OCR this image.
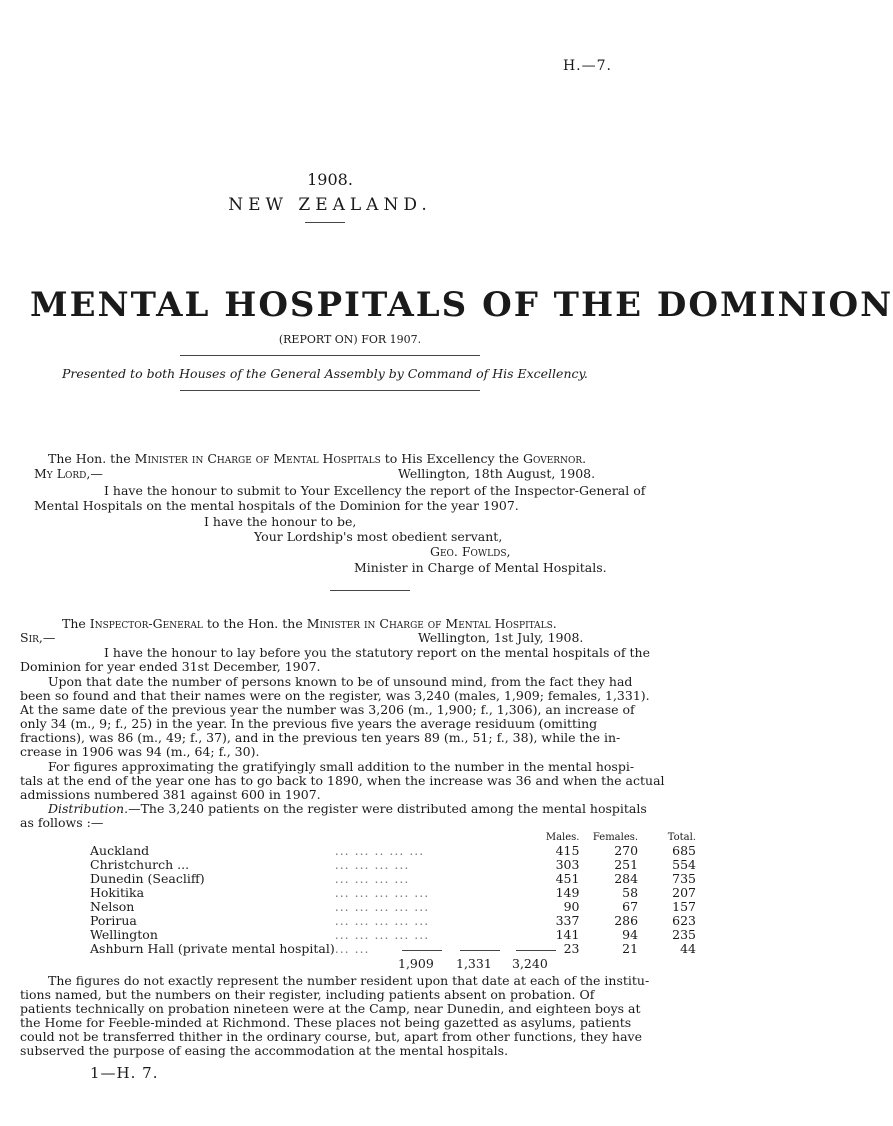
H.—7.
1908.
NEW ZEALAND.
MENTAL HOSPITALS OF THE DOMINION
(REPORT ON) FOR 1907.
Presented to both Houses of the General Assembly by Command of His Excellency.
The Hon. the Minister in Charge of Mental Hospitals to His Excellency the Governor.
My Lord,—	Wellington, 18th August, 1908.
I have the honour to submit to Your Excellency the report of the Inspector-General of
Mental Hospitals on the mental hospitals of the Dominion for the year 1907.
I have the honour to be,
Your Lordship's most obedient servant,
Geo. Fowlds,
Minister in Charge of Mental Hospitals.
The Inspector-General to the Hon. the Minister in Charge of Mental Hospitals.
Sir,—	Wellington, 1st July, 1908.
I have the honour to lay before you the statutory report on the mental hospitals of the
Dominion for year ended 31st December, 1907.
Upon that date the number of persons known to be of unsound mind, from the fact they had
been so found and that their names were on the register, was 3,240 (males, 1,909; females, 1,331).
At the same date of the previous year the number was 3,206 (m., 1,900; f., 1,306), an increase of
only 34 (m., 9; f., 25) in the year. In the previous five years the average residuum (omitting
fractions), was 86 (m., 49; f., 37), and in the previous ten years 89 (m., 51; f., 38), while the in-
crease in 1906 was 94 (m., 64; f., 30).
For figures approximating the gratifyingly small addition to the number in the mental hospi-
tals at the end of the year one has to go back to 1890, when the increase was 36 and when the actual
admissions numbered 381 against 600 in 1907.
Distribution.—The 3,240 patients on the register were distributed among the mental hospitals
as follows :—
		Males.	Females.	Total.
Auckland	... ... .. ... ...	415	270	685
Christchurch ...	... ... ... ...	303	251	554
Dunedin (Seacliff)	... ... ... ...	451	284	735
Hokitika	... ... ... ... ...	149	58	207
Nelson	... ... ... ... ...	90	67	157
Porirua	... ... ... ... ...	337	286	623
Wellington	... ... ... ... ...	141	94	235
Ashburn Hall (private mental hospital)	... ...	23	21	44
1,909 1,331 3,240
The figures do not exactly represent the number resident upon that date at each of the institu-
tions named, but the numbers on their register, including patients absent on probation. Of
patients technically on probation nineteen were at the Camp, near Dunedin, and eighteen boys at
the Home for Feeble-minded at Richmond. These places not being gazetted as asylums, patients
could not be transferred thither in the ordinary course, but, apart from other functions, they have
subserved the purpose of easing the accommodation at the mental hospitals.
1—H. 7.
